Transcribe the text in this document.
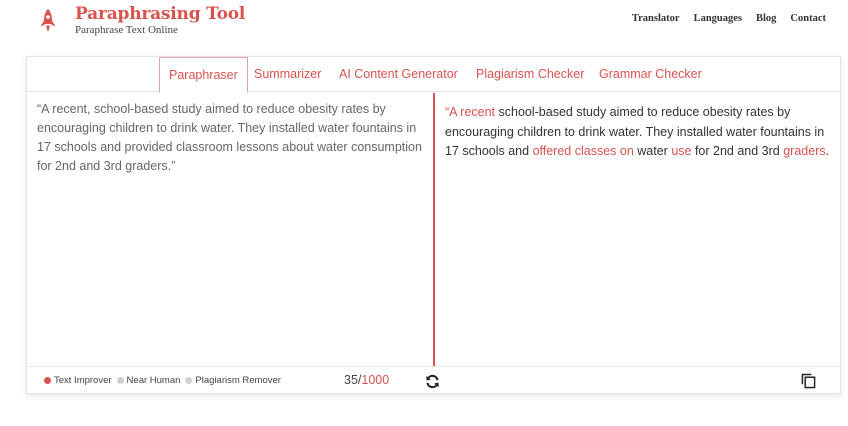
Paraphrasing Tool
Paraphrase Text Online
Translator Languages Blog Contact
Paraphraser	Summarizer	AI Content Generator	Plagiarism Checker	Grammar Checker
“A recent, school-based study aimed to reduce obesity rates by encouraging children to drink water. They installed water fountains in 17 schools and provided classroom lessons about water consumption for 2nd and 3rd graders.”
“A recent school-based study aimed to reduce obesity rates by encouraging children to drink water. They installed water fountains in 17 schools and offered classes on water use for 2nd and 3rd graders.
Text Improver Near Human Plagiarism Remover	35/1000
